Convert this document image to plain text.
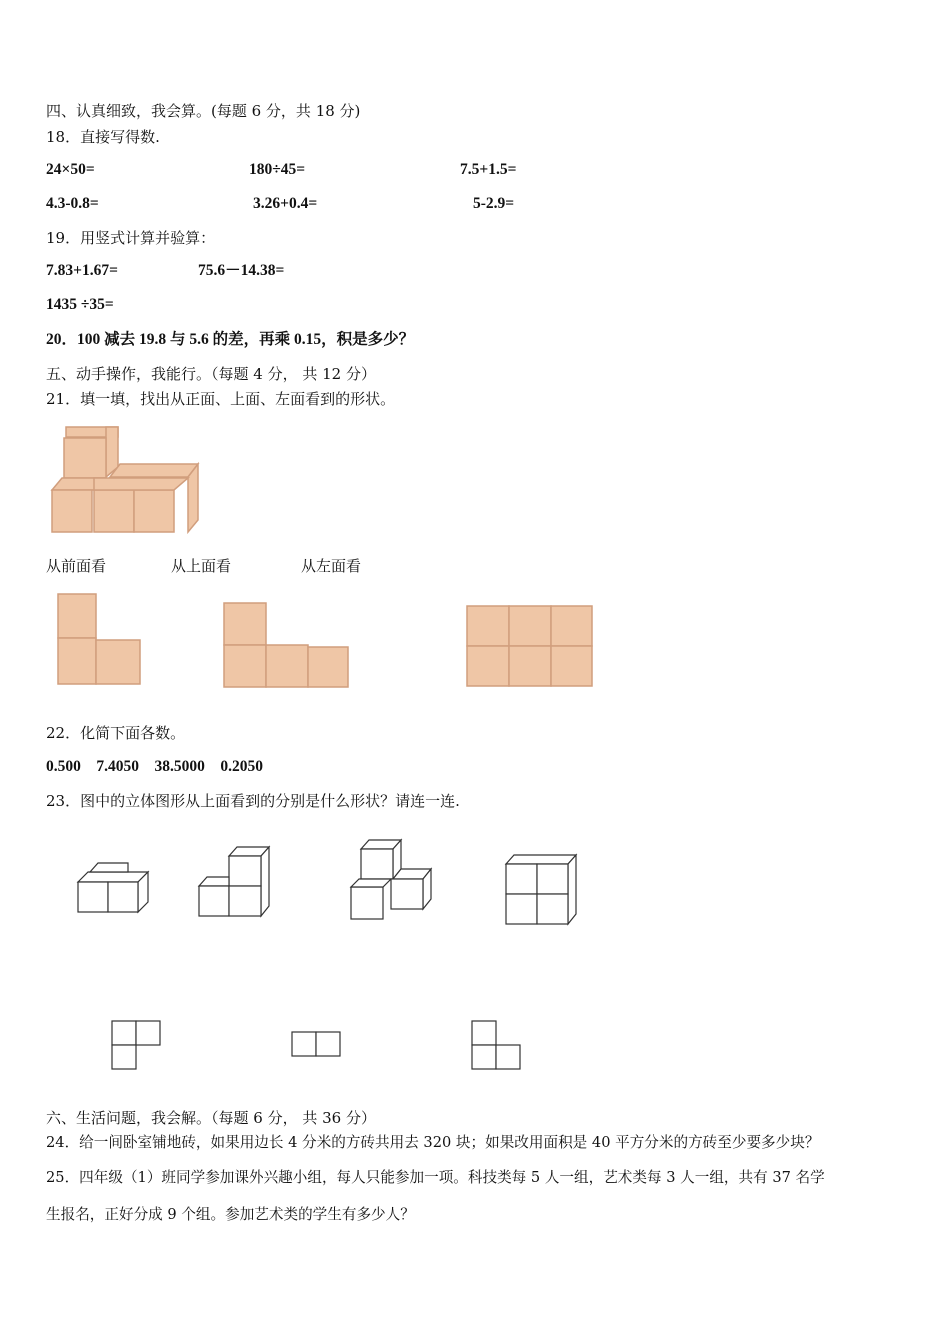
四、认真细致，我会算。(每题 6 分，共 18 分)
18．直接写得数.
24×50=	180÷45=	7.5+1.5=
4.3-0.8=	3.26+0.4=	5-2.9=
19．用竖式计算并验算：
7.83+1.67=	75.6－14.38=
1435 ÷35=
20．100 减去 19.8 与 5.6 的差，再乘 0.15，积是多少？
五、动手操作，我能行。（每题 4 分， 共 12 分）
21．填一填，找出从正面、上面、左面看到的形状。
从前面看	从上面看	从左面看
22．化简下面各数。
0.500    7.4050    38.5000    0.2050
23．图中的立体图形从上面看到的分别是什么形状？请连一连.
六、生活问题，我会解。（每题 6 分， 共 36 分）
24．给一间卧室铺地砖，如果用边长 4 分米的方砖共用去 320 块；如果改用面积是 40 平方分米的方砖至少要多少块？
25．四年级（1）班同学参加课外兴趣小组，每人只能参加一项。科技类每 5 人一组，艺术类每 3 人一组，共有 37 名学
生报名，正好分成 9 个组。参加艺术类的学生有多少人？
